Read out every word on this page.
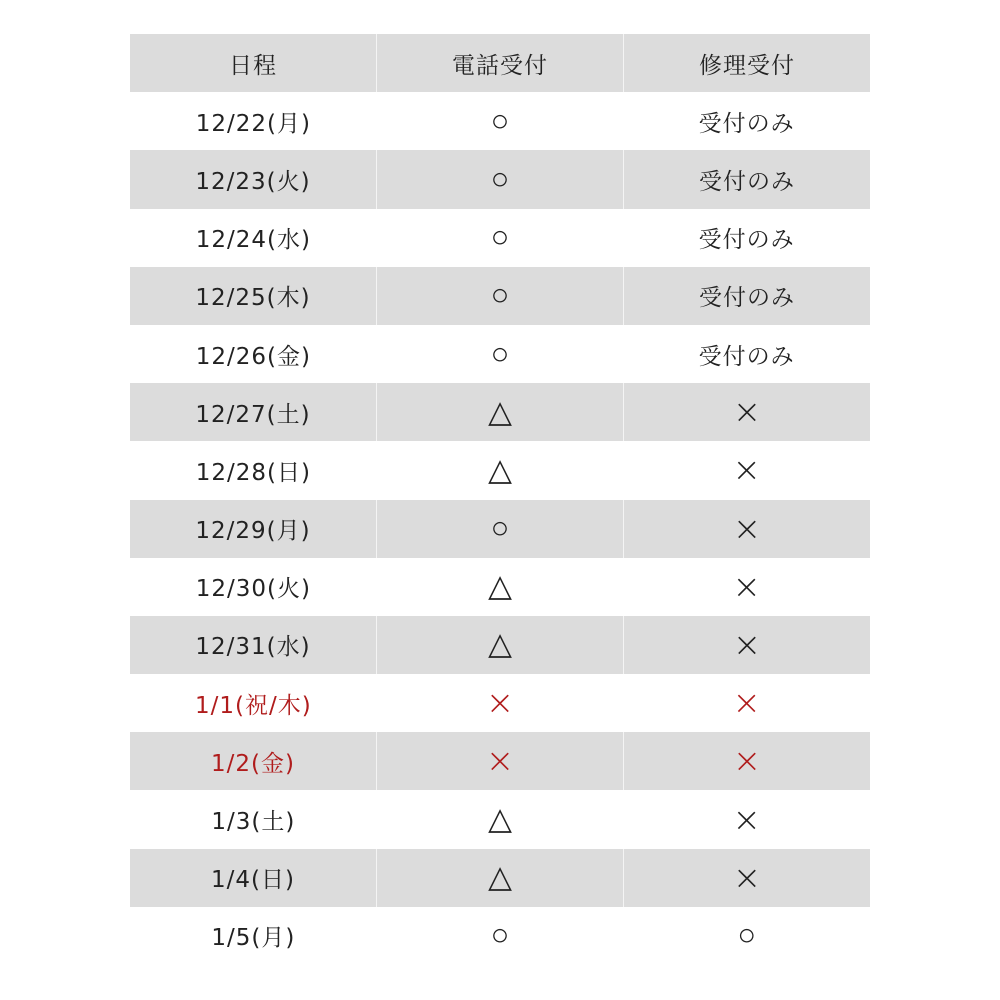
日程	電話受付	修理受付
12/22(月)	○	受付のみ
12/23(火)	○	受付のみ
12/24(水)	○	受付のみ
12/25(木)	○	受付のみ
12/26(金)	○	受付のみ
12/27(土)	△	×
12/28(日)	△	×
12/29(月)	○	×
12/30(火)	△	×
12/31(水)	△	×
1/1(祝/木)	×	×
1/2(金)	×	×
1/3(土)	△	×
1/4(日)	△	×
1/5(月)	○	○
